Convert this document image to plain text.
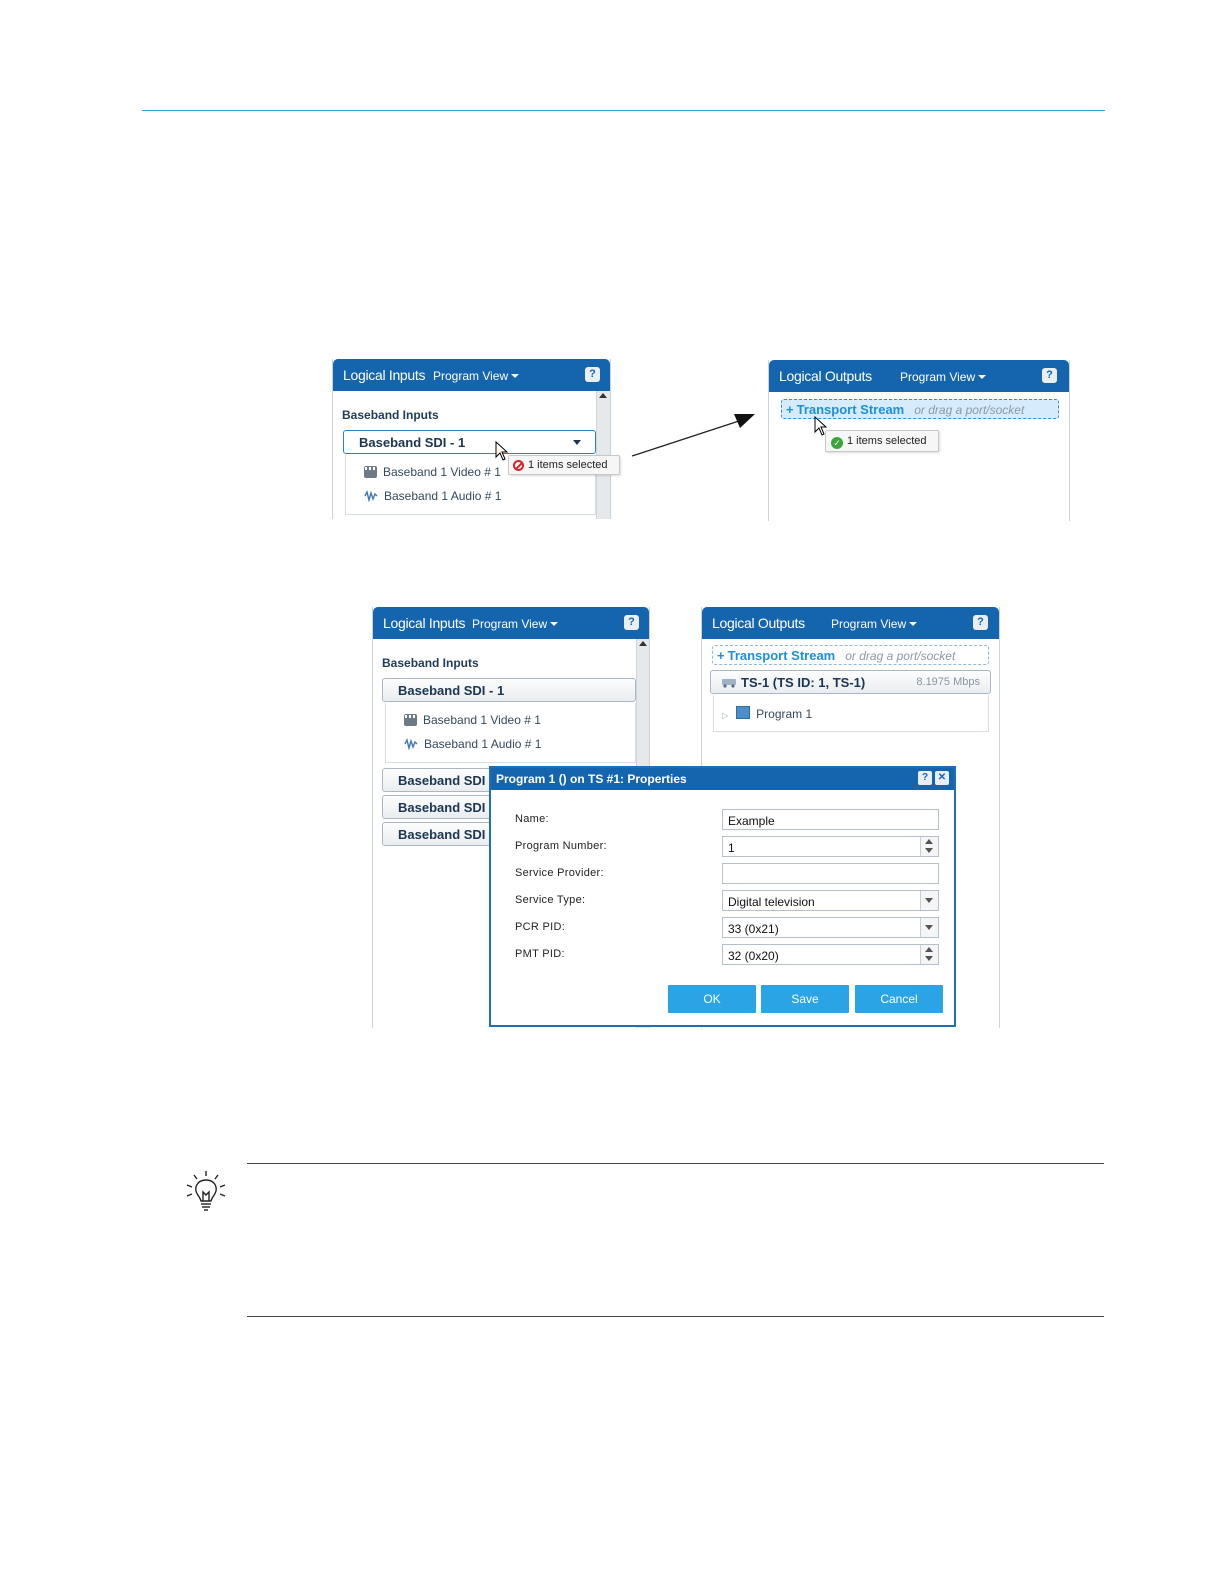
Logical Inputs Program View	?
Baseband Inputs
Baseband SDI - 1
Baseband 1 Video # 1
Baseband 1 Audio # 1
1 items selected
Logical Outputs Program View	?
+ Transport Stream or drag a port/socket
✓ 1 items selected
Logical Inputs Program View	?
Baseband Inputs
Baseband SDI - 1
Baseband 1 Video # 1
Baseband 1 Audio # 1
Baseband SDI
Baseband SDI
Baseband SDI
Logical Outputs Program View	?
+ Transport Stream or drag a port/socket
TS-1 (TS ID: 1, TS-1)	8.1975 Mbps
▷ Program 1
Program 1 () on TS #1: Properties	? ✕
Name:	Example
Program Number:	1
Service Provider:
Service Type:	Digital television
PCR PID:	33 (0x21)
PMT PID:	32 (0x20)
OK	Save	Cancel
